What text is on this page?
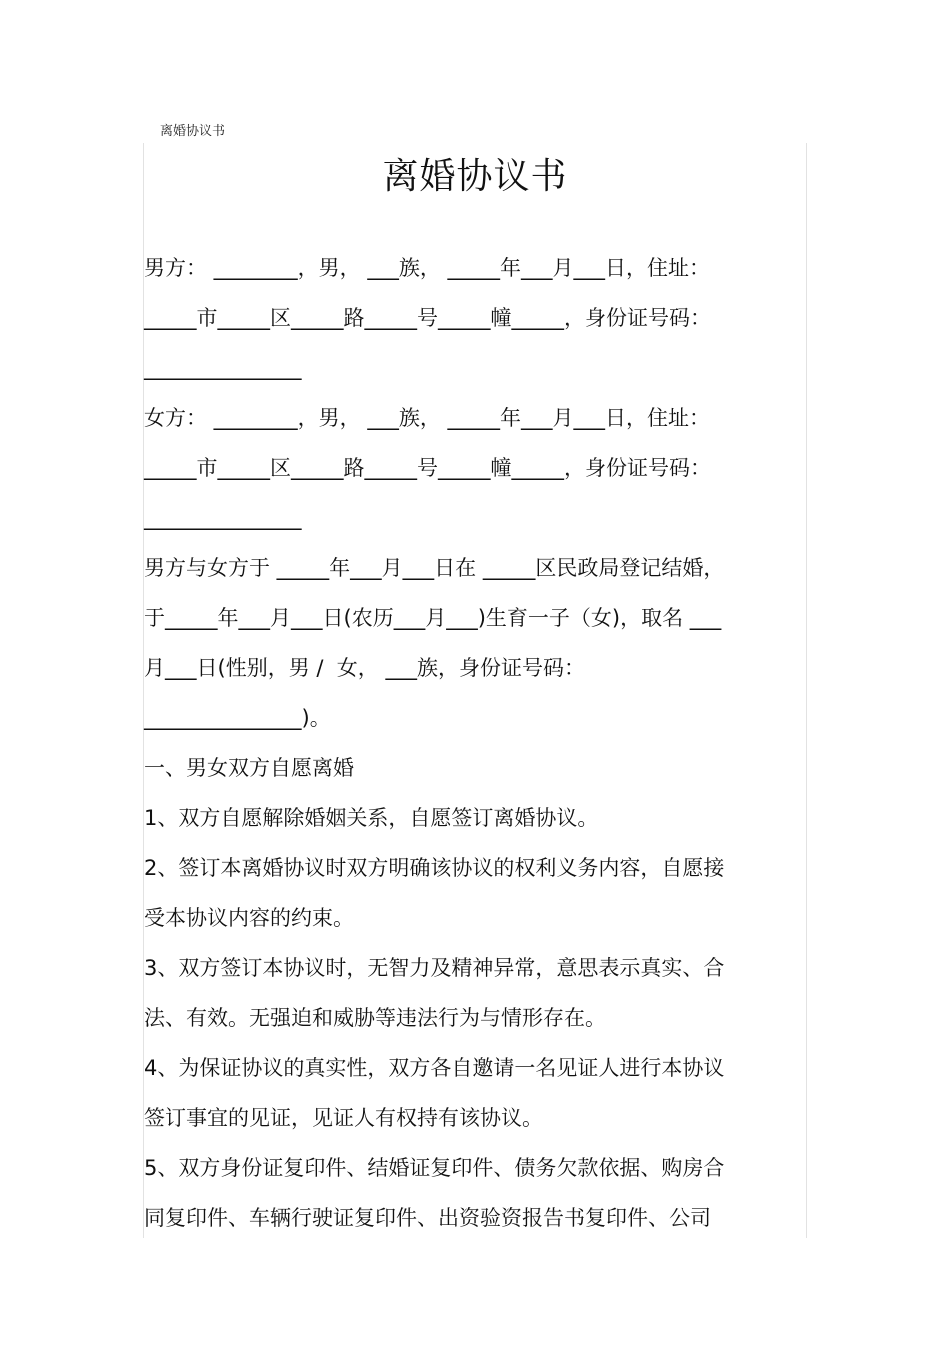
离婚协议书
离婚协议书
男方： ________，男， ___族， _____年___月___日，住址：
_____市_____区_____路_____号_____幢_____，身份证号码：
_______________
女方： ________，男， ___族， _____年___月___日，住址：
_____市_____区_____路_____号_____幢_____，身份证号码：
_______________
男方与女方于 _____年___月___日在 _____区民政局登记结婚，
于_____年___月___日(农历___月___)生育一子（女)，取名 ___
月___日(性别，男 /  女， ___族，身份证号码：
_______________)。
一、男女双方自愿离婚
1、双方自愿解除婚姻关系，自愿签订离婚协议。
2、签订本离婚协议时双方明确该协议的权利义务内容，自愿接
受本协议内容的约束。
3、双方签订本协议时，无智力及精神异常，意思表示真实、合
法、有效。无强迫和威胁等违法行为与情形存在。
4、为保证协议的真实性，双方各自邀请一名见证人进行本协议
签订事宜的见证，见证人有权持有该协议。
5、双方身份证复印件、结婚证复印件、债务欠款依据、购房合
同复印件、车辆行驶证复印件、出资验资报告书复印件、公司
